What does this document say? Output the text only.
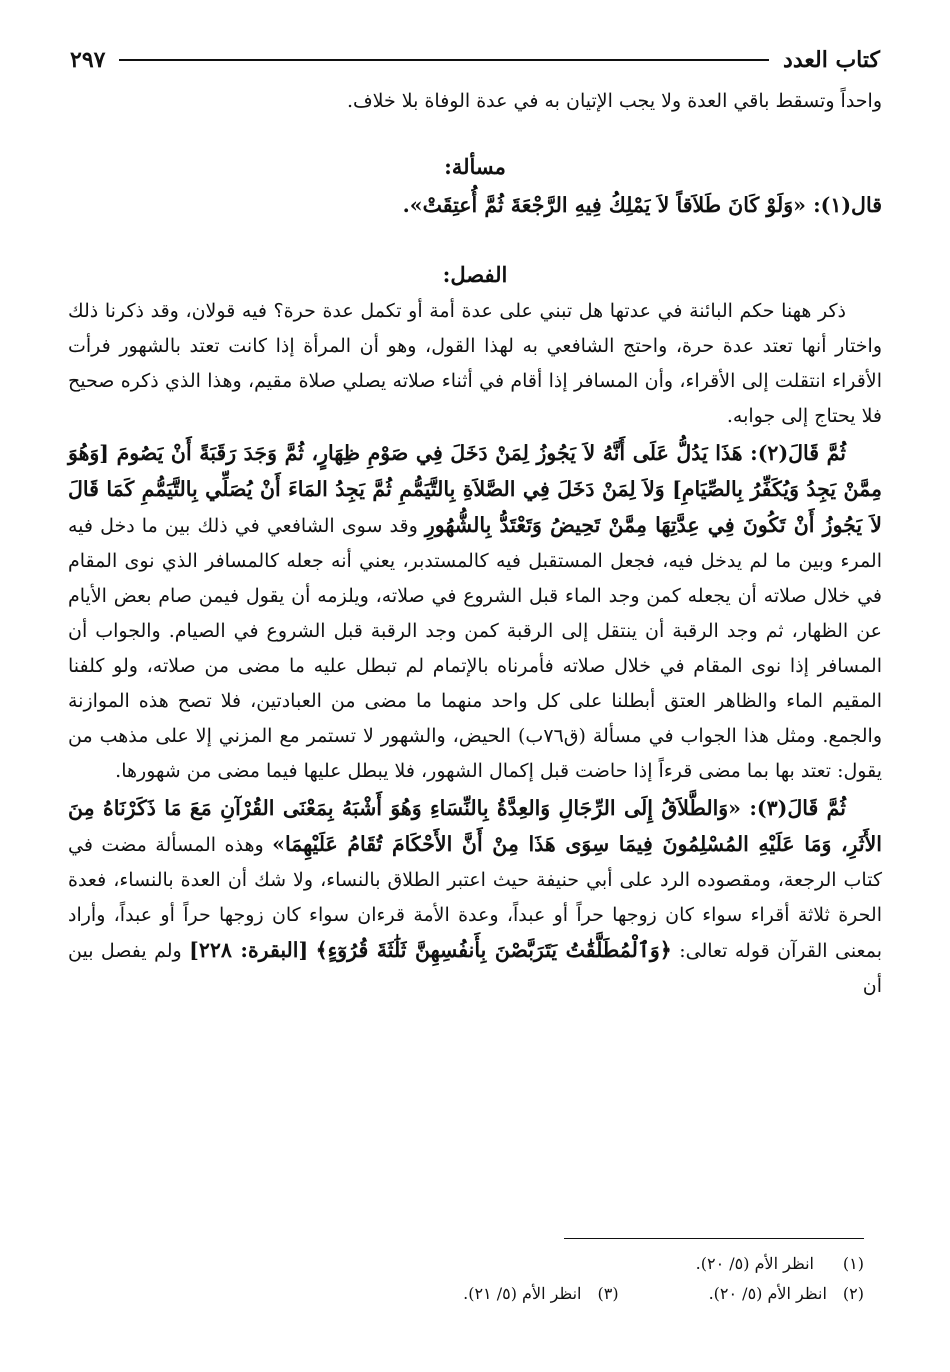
كتاب العدد
٢٩٧

واحداً وتسقط باقي العدة ولا يجب الإتيان به في عدة الوفاة بلا خلاف.

مسألة:

قال(١): «وَلَوْ كَانَ طَلاَقاً لاَ يَمْلِكُ فِيهِ الرَّجْعَةَ ثُمَّ أُعتِقَتْ».

الفصل:

ذكر ههنا حكم البائنة في عدتها هل تبني على عدة أمة أو تكمل عدة حرة؟ فيه قولان، وقد ذكرنا ذلك واختار أنها تعتد عدة حرة، واحتج الشافعي به لهذا القول، وهو أن المرأة إذا كانت تعتد بالشهور فرأت الأقراء انتقلت إلى الأقراء، وأن المسافر إذا أقام في أثناء صلاته يصلي صلاة مقيم، وهذا الذي ذكره صحيح فلا يحتاج إلى جوابه.

ثُمَّ قَالَ(٢): هَذَا يَدُلُّ عَلَى أَنَّهُ لاَ يَجُوزُ لِمَنْ دَخَلَ فِي صَوْمِ ظِهَارٍ، ثُمَّ وَجَدَ رَقَبَةً أَنْ يَصُومَ [وَهُوَ مِمَّنْ يَجِدُ وَيُكَفِّرُ بِالصِّيَامِ] وَلاَ لِمَنْ دَخَلَ فِي الصَّلاَةِ بِالتَّيَمُّمِ ثُمَّ يَجِدُ المَاءَ أَنْ يُصَلِّي بِالتَّيَمُّمِ كَمَا قَالَ لاَ يَجُوزُ أَنْ تَكُونَ فِي عِدَّتِهَا مِمَّنْ تَحِيضُ وَتَعْتَدُّ بِالشُّهُورِ وقد سوى الشافعي في ذلك بين ما دخل فيه المرء وبين ما لم يدخل فيه، فجعل المستقبل فيه كالمستدبر، يعني أنه جعله كالمسافر الذي نوى المقام في خلال صلاته أن يجعله كمن وجد الماء قبل الشروع في صلاته، ويلزمه أن يقول فيمن صام بعض الأيام عن الظهار، ثم وجد الرقبة أن ينتقل إلى الرقبة كمن وجد الرقبة قبل الشروع في الصيام. والجواب أن المسافر إذا نوى المقام في خلال صلاته فأمرناه بالإتمام لم تبطل عليه ما مضى من صلاته، ولو كلفنا المقيم الماء والظاهر العتق أبطلنا على كل واحد منهما ما مضى من العبادتين، فلا تصح هذه الموازنة والجمع. ومثل هذا الجواب في مسألة (ق٧٦ب) الحيض، والشهور لا تستمر مع المزني إلا على مذهب من يقول: تعتد بها بما مضى قرءاً إذا حاضت قبل إكمال الشهور، فلا يبطل عليها فيما مضى من شهورها.

ثُمَّ قَالَ(٣): «وَالطَّلاَقُ إِلَى الرِّجَالِ وَالعِدَّةُ بِالنِّسَاءِ وَهُوَ أَشْبَهُ بِمَعْنَى القُرْآنِ مَعَ مَا ذَكَرْنَاهُ مِنَ الأَثَرِ، وَمَا عَلَيْهِ المُسْلِمُونَ فِيمَا سِوَى هَذَا مِنْ أَنَّ الأَحْكَامَ تُقَامُ عَلَيْهِمَا» وهذه المسألة مضت في كتاب الرجعة، ومقصوده الرد على أبي حنيفة حيث اعتبر الطلاق بالنساء، ولا شك أن العدة بالنساء، فعدة الحرة ثلاثة أقراء سواء كان زوجها حراً أو عبداً، وعدة الأمة قرءان سواء كان زوجها حراً أو عبداً، وأراد بمعنى القرآن قوله تعالى: ﴿وَٱلْمُطَلَّقَٰتُ يَتَرَبَّصْنَ بِأَنفُسِهِنَّ ثَلَٰثَةَ قُرُوٓءٍ﴾ [البقرة: ٢٢٨] ولم يفصل بين أن

(١)
انظر الأم (٥/ ٢٠).
(٢)
انظر الأم (٥/ ٢٠).
(٣)
انظر الأم (٥/ ٢١).
